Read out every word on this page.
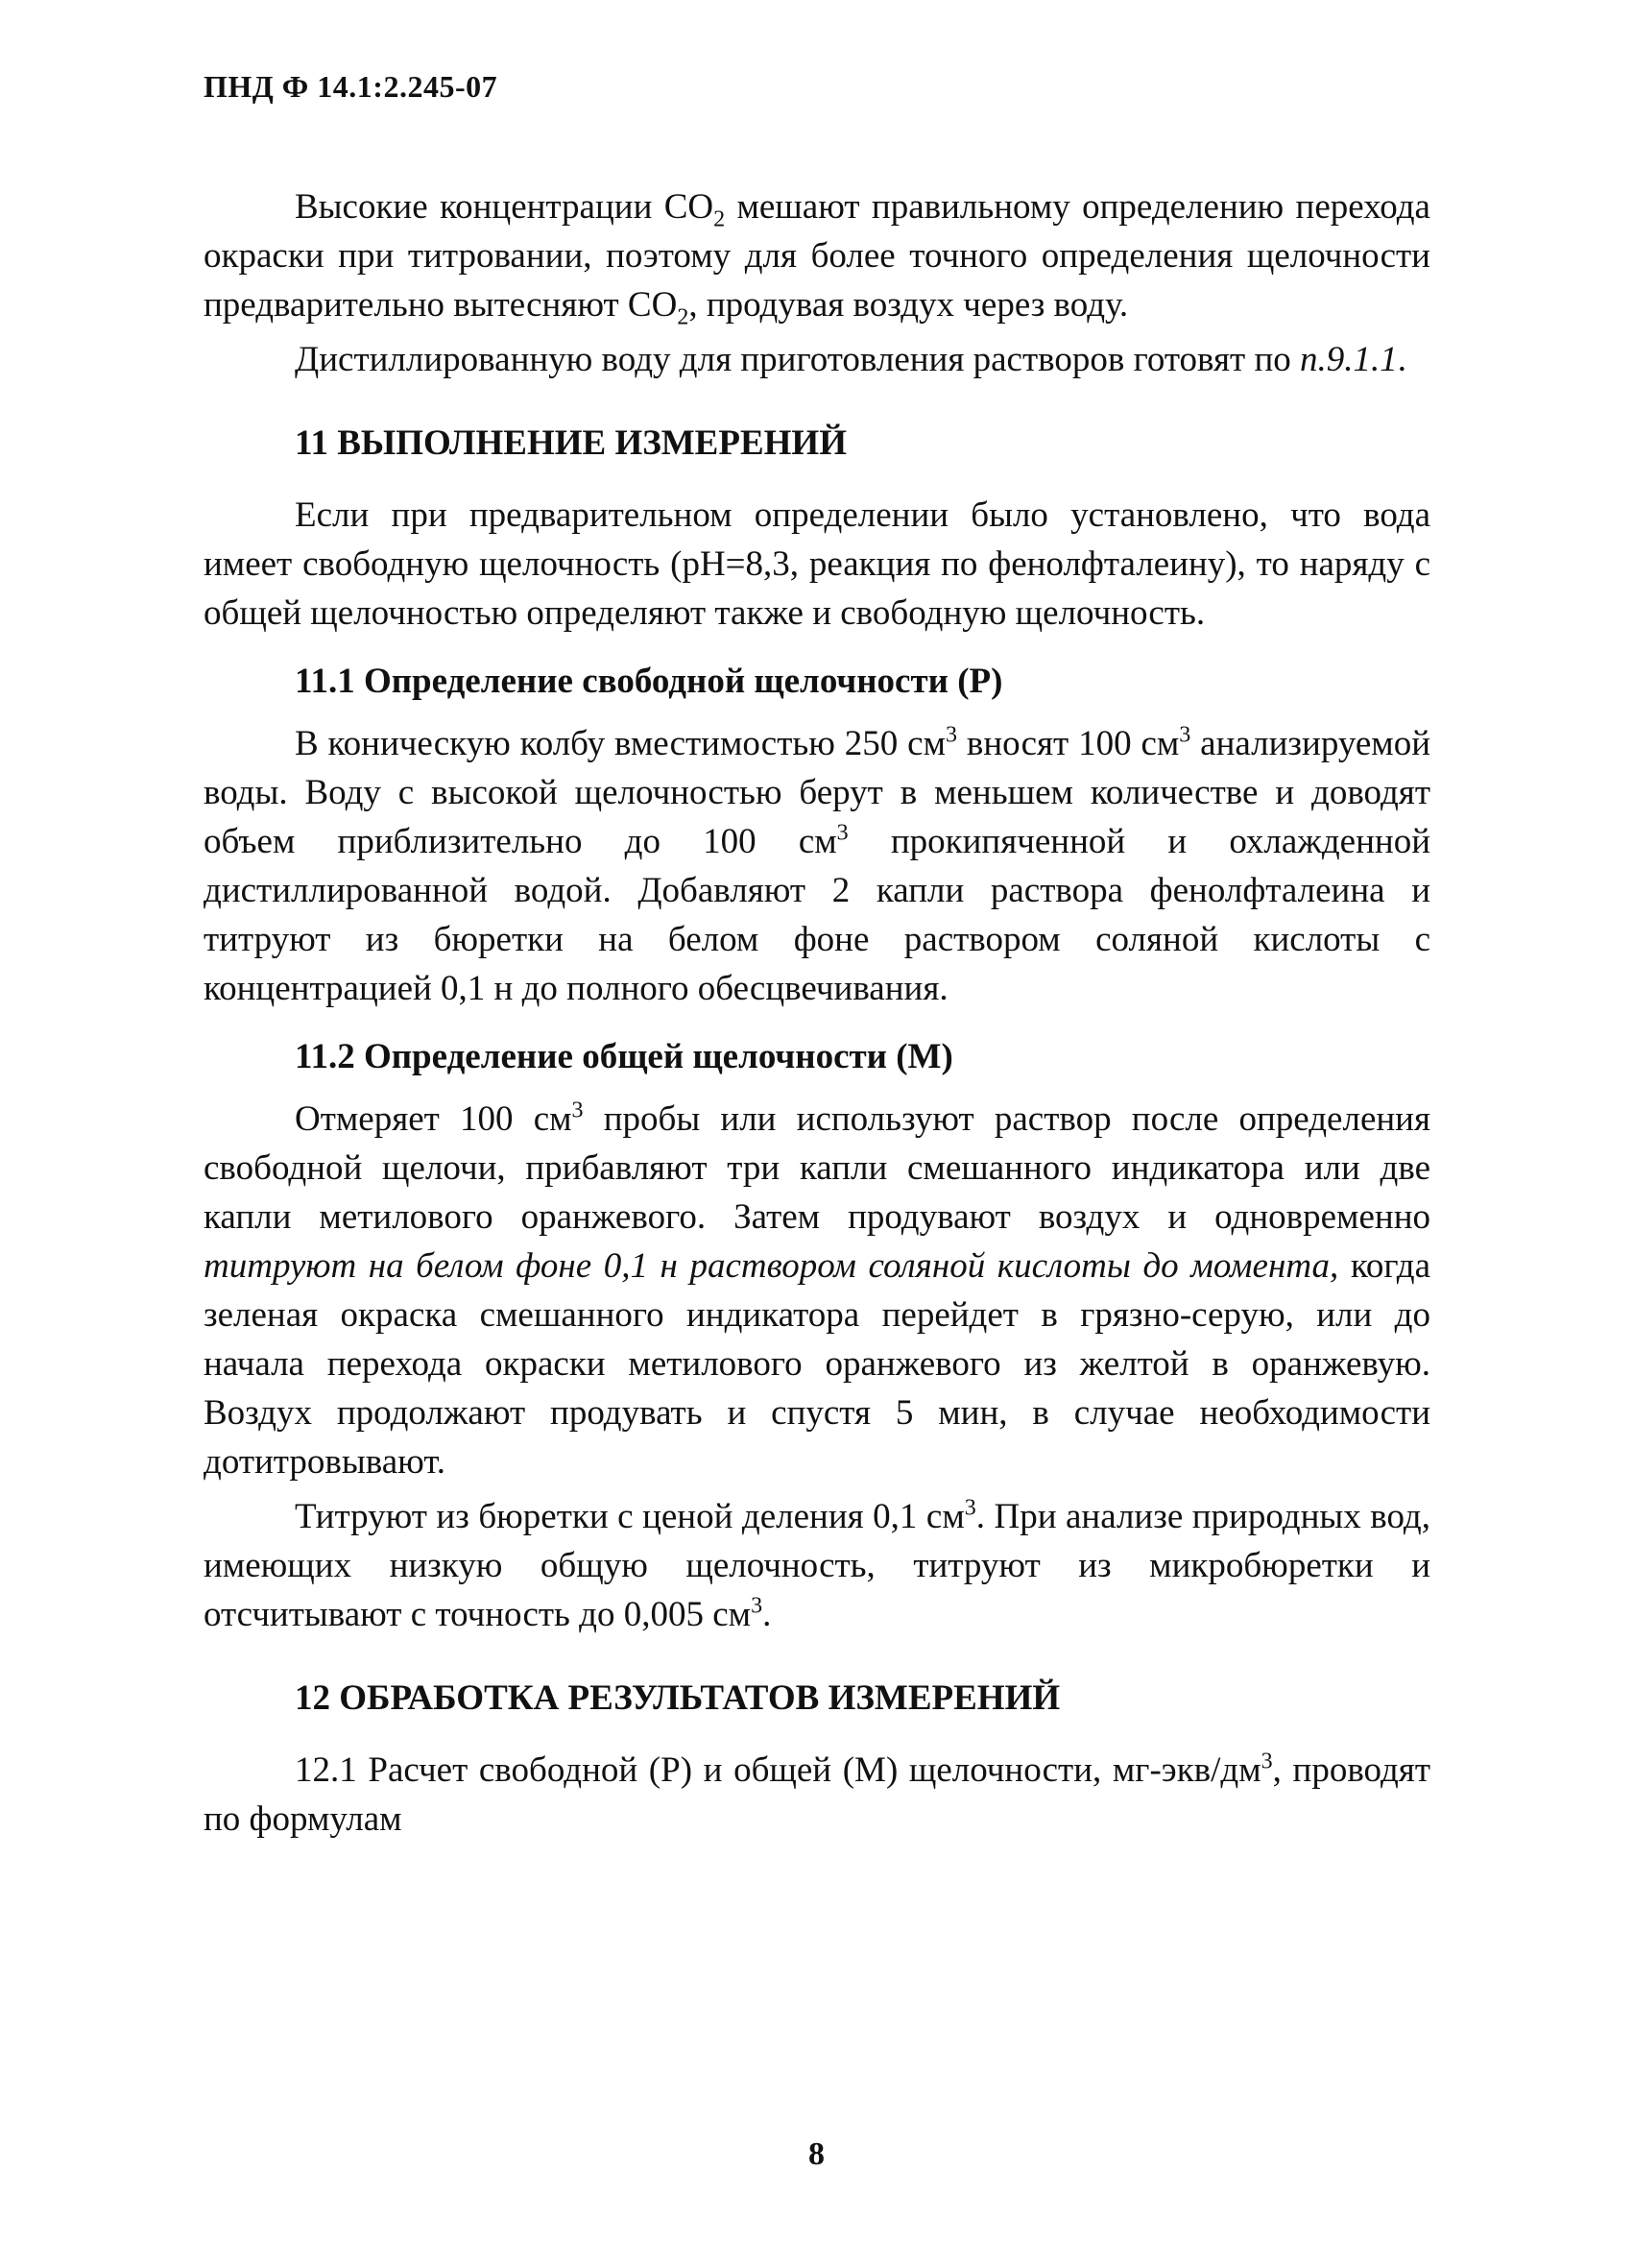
ПНД Ф 14.1:2.245-07

Высокие концентрации $CO_2$ мешают правильному определению перехода окраски при титровании, поэтому для более точного определения щелочности предварительно вытесняют $CO_2$, продувая воздух через воду.

Дистиллированную воду для приготовления растворов готовят по п.9.1.1.

11 ВЫПОЛНЕНИЕ ИЗМЕРЕНИЙ

Если при предварительном определении было установлено, что вода имеет свободную щелочность (pH=8,3, реакция по фенолфталеину), то наряду с общей щелочностью определяют также и свободную щелочность.

11.1 Определение свободной щелочности (P)

В коническую колбу вместимостью 250 $см^3$ вносят 100 $см^3$ анализируемой воды. Воду с высокой щелочностью берут в меньшем количестве и доводят объем приблизительно до 100 $см^3$ прокипяченной и охлажденной дистиллированной водой. Добавляют 2 капли раствора фенолфталеина и титруют из бюретки на белом фоне раствором соляной кислоты с концентрацией 0,1 н до полного обесцвечивания.

11.2 Определение общей щелочности (M)

Отмеряет 100 $см^3$ пробы или используют раствор после определения свободной щелочи, прибавляют три капли смешанного индикатора или две капли метилового оранжевого. Затем продувают воздух и одновременно титруют на белом фоне 0,1 н раствором соляной кислоты до момента, когда зеленая окраска смешанного индикатора перейдет в грязно-серую, или до начала перехода окраски метилового оранжевого из желтой в оранжевую. Воздух продолжают продувать и спустя 5 мин, в случае необходимости дотитровывают.

Титруют из бюретки с ценой деления 0,1 $см^3$. При анализе природных вод, имеющих низкую общую щелочность, титруют из микробюретки и отсчитывают с точность до 0,005 $см^3$.

12 ОБРАБОТКА РЕЗУЛЬТАТОВ ИЗМЕРЕНИЙ

12.1 Расчет свободной (P) и общей (M) щелочности, $мг-экв/дм^3$, проводят по формулам

8
